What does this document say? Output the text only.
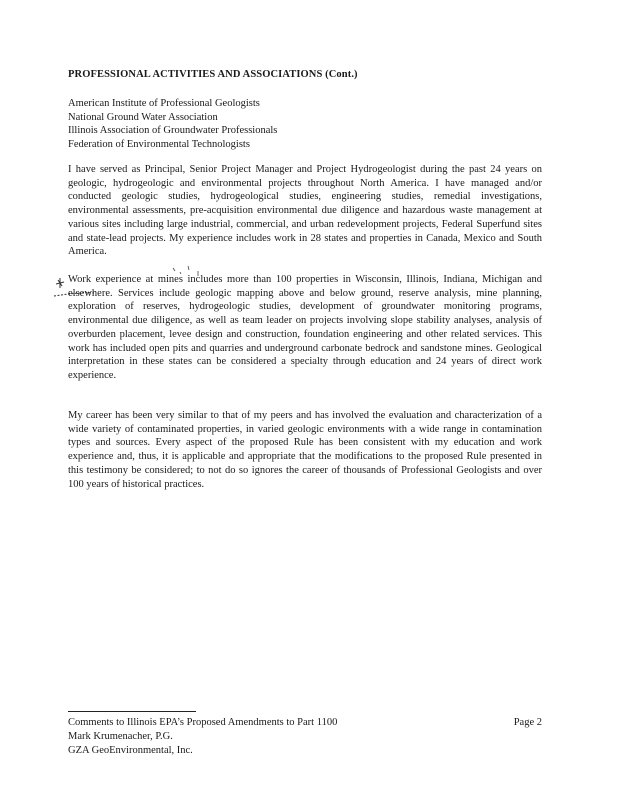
PROFESSIONAL ACTIVITIES AND ASSOCIATIONS (Cont.)
American Institute of Professional Geologists
National Ground Water Association
Illinois Association of Groundwater Professionals
Federation of Environmental Technologists

I have served as Principal, Senior Project Manager and Project Hydrogeologist during the past 24 years on geologic, hydrogeologic and environmental projects throughout North America. I have managed and/or conducted geologic studies, hydrogeological studies, engineering studies, remedial investigations, environmental assessments, pre-acquisition environmental due diligence and hazardous waste management at various sites including large industrial, commercial, and urban redevelopment projects, Federal Superfund sites and state-lead projects. My experience includes work in 28 states and properties in Canada, Mexico and South America.

Work experience at mines includes more than 100 properties in Wisconsin, Illinois, Indiana, Michigan and elsewhere. Services include geologic mapping above and below ground, reserve analysis, mine planning, exploration of reserves, hydrogeologic studies, development of groundwater monitoring programs, environmental due diligence, as well as team leader on projects involving slope stability analyses, analysis of overburden placement, levee design and construction, foundation engineering and other related services. This work has included open pits and quarries and underground carbonate bedrock and sandstone mines. Geological interpretation in these states can be considered a specialty through education and 24 years of direct work experience.

My career has been very similar to that of my peers and has involved the evaluation and characterization of a wide variety of contaminated properties, in varied geologic environments with a wide range in contamination types and sources. Every aspect of the proposed Rule has been consistent with my education and work experience and, thus, it is applicable and appropriate that the modifications to the proposed Rule presented in this testimony be considered; to not do so ignores the career of thousands of Professional Geologists and over 100 years of historical practices.

Comments to Illinois EPA’s Proposed Amendments to Part 1100	Page 2
Mark Krumenacher, P.G.
GZA GeoEnvironmental, Inc.
